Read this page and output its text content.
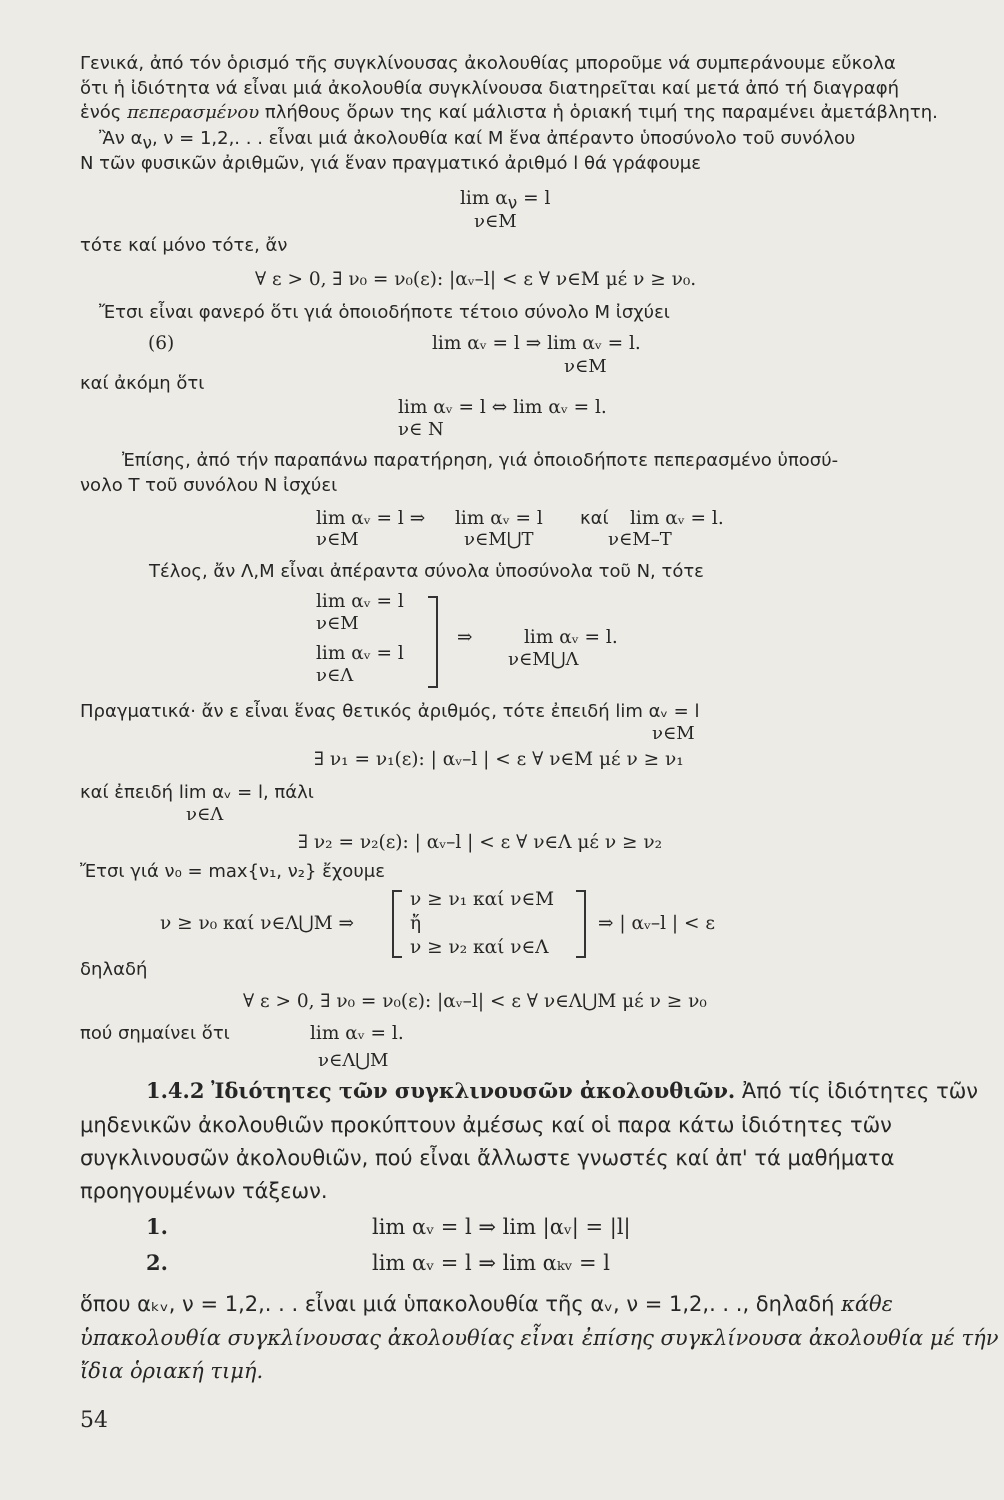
Γενικά, ἀπό τόν ὁρισμό τῆς συγκλίνουσας ἀκολουθίας μποροῦμε νά συμπεράνουμε εὔκολα
ὅτι ἡ ἰδιότητα νά εἶναι μιά ἀκολουθία συγκλίνουσα διατηρεῖται καί μετά ἀπό τή διαγραφή
ἑνός πεπερασμένου πλήθους ὅρων της καί μάλιστα ἡ ὁριακή τιμή της παραμένει ἀμετάβλητη.
Ἂν $\alpha_\nu$, ν = 1,2,. . . εἶναι μιά ἀκολουθία καί M ἕνα ἀπέραντο ὑποσύνολο τοῦ συνόλου
N τῶν φυσικῶν ἀριθμῶν, γιά ἕναν πραγματικό ἀριθμό l θά γράφουμε
$\lim \alpha_\nu = l$
ν∈M
τότε καί μόνο τότε, ἄν
∀ ε > 0, ∃ ν₀ = ν₀(ε): |αᵥ–l| < ε ∀ ν∈M μέ ν ≥ ν₀.
Ἔτσι εἶναι φανερό ὅτι γιά ὁποιοδήποτε τέτοιο σύνολο M ἰσχύει
(6)	lim αᵥ = l ⇒ lim αᵥ = l.
ν∈M
καί ἀκόμη ὅτι
lim αᵥ = l ⇔ lim αᵥ = l.
ν∈ N
Ἐπίσης, ἀπό τήν παραπάνω παρατήρηση, γιά ὁποιοδήποτε πεπερασμένο ὑποσύ-
νολο T τοῦ συνόλου N ἰσχύει
lim αᵥ = l ⇒ lim αᵥ = l καί lim αᵥ = l.
ν∈M	ν∈M⋃T	ν∈M–T
Τέλος, ἄν Λ,M εἶναι ἀπέραντα σύνολα ὑποσύνολα τοῦ N, τότε
lim αᵥ = l
ν∈M
lim αᵥ = l
ν∈Λ
⇒	lim αᵥ = l.
ν∈M⋃Λ
Πραγματικά· ἄν ε εἶναι ἕνας θετικός ἀριθμός, τότε ἐπειδή lim αᵥ = l
ν∈M
∃ ν₁ = ν₁(ε): | αᵥ–l | < ε ∀ ν∈M μέ ν ≥ ν₁
καί ἐπειδή lim αᵥ = l, πάλι
ν∈Λ
∃ ν₂ = ν₂(ε): | αᵥ–l | < ε ∀ ν∈Λ μέ ν ≥ ν₂
Ἔτσι γιά ν₀ = max{ν₁, ν₂} ἔχουμε
ν ≥ ν₀ καί ν∈Λ⋃M ⇒
ν ≥ ν₁ καί ν∈M
ἤ
ν ≥ ν₂ καί ν∈Λ
⇒ | αᵥ–l | < ε
δηλαδή
∀ ε > 0, ∃ ν₀ = ν₀(ε): |αᵥ–l| < ε ∀ ν∈Λ⋃M μέ ν ≥ ν₀
πού σημαίνει ὅτι	lim αᵥ = l.
ν∈Λ⋃M
1.4.2 Ἰδιότητες τῶν συγκλινουσῶν ἀκολουθιῶν. Ἀπό τίς ἰδιότητες τῶν
μηδενικῶν ἀκολουθιῶν προκύπτουν ἀμέσως καί οἱ παρα κάτω ἰδιότητες τῶν
συγκλινουσῶν ἀκολουθιῶν, πού εἶναι ἄλλωστε γνωστές καί ἀπ' τά μαθήματα
προηγουμένων τάξεων.
1.	lim αᵥ = l ⇒ lim |αᵥ| = |l|
2.	lim αᵥ = l ⇒ lim αₖᵥ = l
ὅπου αₖᵥ, ν = 1,2,. . . εἶναι μιά ὑπακολουθία τῆς αᵥ, ν = 1,2,. . ., δηλαδή κάθε
ὑπακολουθία συγκλίνουσας ἀκολουθίας εἶναι ἐπίσης συγκλίνουσα ἀκολουθία μέ τήν
ἴδια ὁριακή τιμή.
54
